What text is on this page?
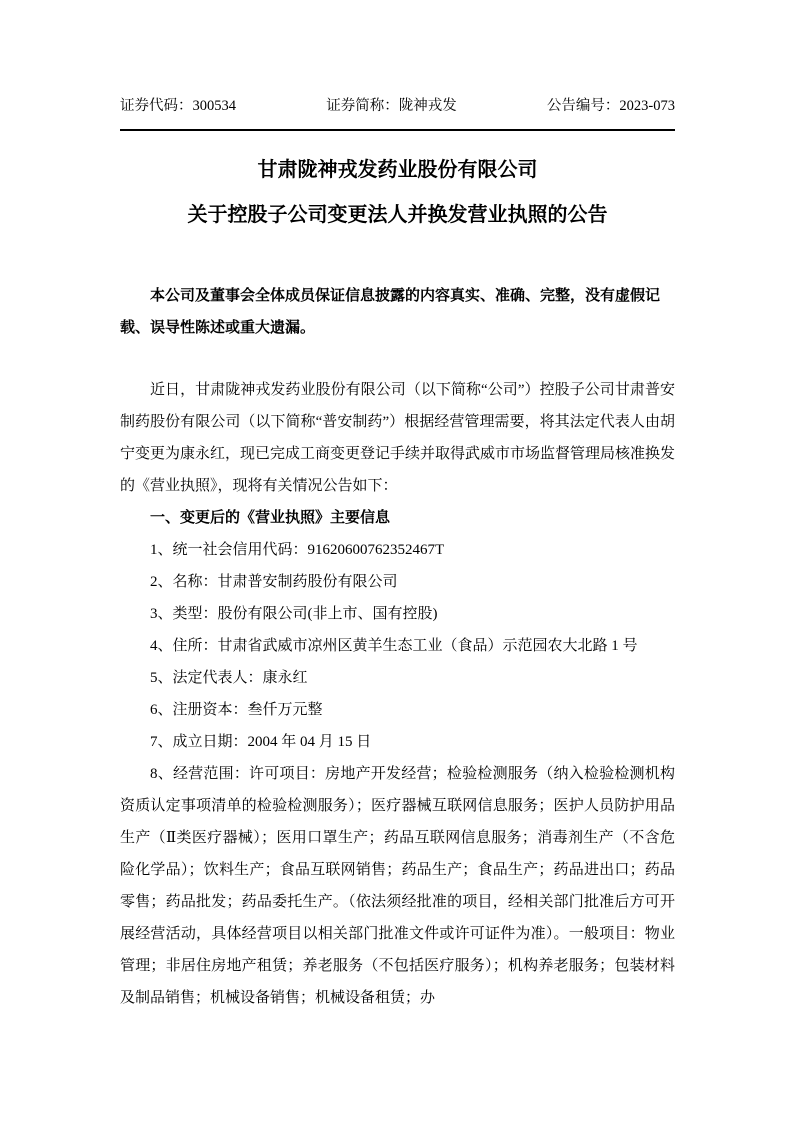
证券代码：300534	证券简称：陇神戎发	公告编号：2023-073
甘肃陇神戎发药业股份有限公司
关于控股子公司变更法人并换发营业执照的公告

本公司及董事会全体成员保证信息披露的内容真实、准确、完整，没有虚假记载、误导性陈述或重大遗漏。

近日，甘肃陇神戎发药业股份有限公司（以下简称“公司”）控股子公司甘肃普安制药股份有限公司（以下简称“普安制药”）根据经营管理需要，将其法定代表人由胡宁变更为康永红，现已完成工商变更登记手续并取得武威市市场监督管理局核准换发的《营业执照》，现将有关情况公告如下：

一、变更后的《营业执照》主要信息

1、统一社会信用代码：91620600762352467T

2、名称：甘肃普安制药股份有限公司

3、类型：股份有限公司(非上市、国有控股)

4、住所：甘肃省武威市凉州区黄羊生态工业（食品）示范园农大北路 1 号

5、法定代表人：康永红

6、注册资本：叁仟万元整

7、成立日期：2004 年 04 月 15 日

8、经营范围：许可项目：房地产开发经营；检验检测服务（纳入检验检测机构资质认定事项清单的检验检测服务）；医疗器械互联网信息服务；医护人员防护用品生产（Ⅱ类医疗器械）；医用口罩生产；药品互联网信息服务；消毒剂生产（不含危险化学品）；饮料生产；食品互联网销售；药品生产；食品生产；药品进出口；药品零售；药品批发；药品委托生产。（依法须经批准的项目，经相关部门批准后方可开展经营活动，具体经营项目以相关部门批准文件或许可证件为准）。一般项目：物业管理；非居住房地产租赁；养老服务（不包括医疗服务）；机构养老服务；包装材料及制品销售；机械设备销售；机械设备租赁；办
